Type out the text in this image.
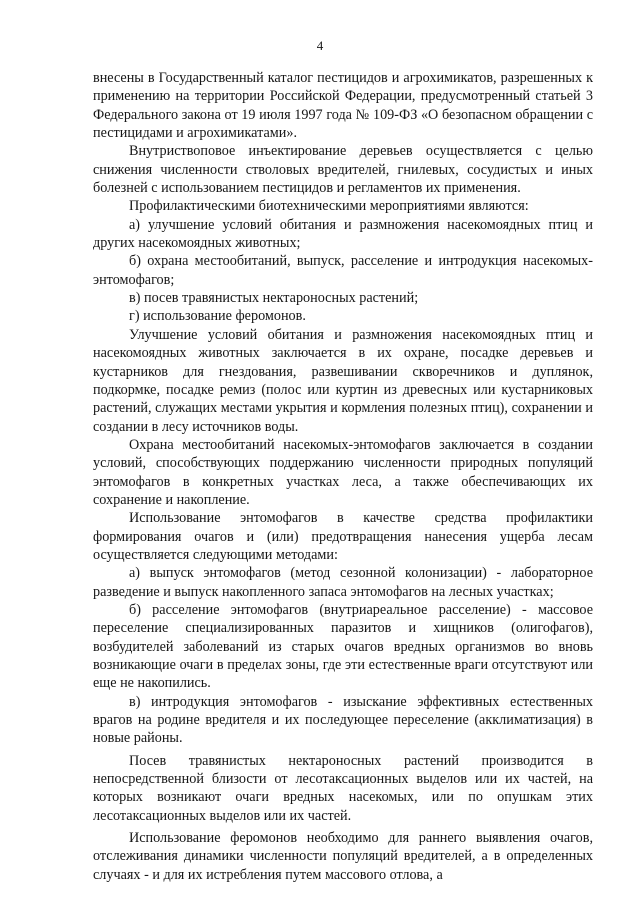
4

внесены в Государственный каталог пестицидов и агрохимикатов, разрешенных к применению на территории Российской Федерации, предусмотренный статьей 3 Федерального закона от 19 июля 1997 года № 109-ФЗ «О безопасном обращении с пестицидами и агрохимикатами».

Внутриствоповое инъектирование деревьев осуществляется с целью снижения численности стволовых вредителей, гнилевых, сосудистых и иных болезней с использованием пестицидов и регламентов их применения.

Профилактическими биотехническими мероприятиями являются:

а) улучшение условий обитания и размножения насекомоядных птиц и других насекомоядных животных;

б) охрана местообитаний, выпуск, расселение и интродукция насекомых-энтомофагов;

в) посев травянистых нектароносных растений;

г) использование феромонов.

Улучшение условий обитания и размножения насекомоядных птиц и насекомоядных животных заключается в их охране, посадке деревьев и кустарников для гнездования, развешивании скворечников и дуплянок, подкормке, посадке ремиз (полос или куртин из древесных или кустарниковых растений, служащих местами укрытия и кормления полезных птиц), сохранении и создании в лесу источников воды.

Охрана местообитаний насекомых-энтомофагов заключается в создании условий, способствующих поддержанию численности природных популяций энтомофагов в конкретных участках леса, а также обеспечивающих их сохранение и накопление.

Использование энтомофагов в качестве средства профилактики формирования очагов и (или) предотвращения нанесения ущерба лесам осуществляется следующими методами:

а) выпуск энтомофагов (метод сезонной колонизации) - лабораторное разведение и выпуск накопленного запаса энтомофагов на лесных участках;

б) расселение энтомофагов (внутриареальное расселение) - массовое переселение специализированных паразитов и хищников (олигофагов), возбудителей заболеваний из старых очагов вредных организмов во вновь возникающие очаги в пределах зоны, где эти естественные враги отсутствуют или еще не накопились.

в) интродукция энтомофагов - изыскание эффективных естественных врагов на родине вредителя и их последующее переселение (акклиматизация) в новые районы.

Посев травянистых нектароносных растений производится в непосредственной близости от лесотаксационных выделов или их частей, на которых возникают очаги вредных насекомых, или по опушкам этих лесотаксационных выделов или их частей.

Использование феромонов необходимо для раннего выявления очагов, отслеживания динамики численности популяций вредителей, а в определенных случаях - и для их истребления путем массового отлова, а
